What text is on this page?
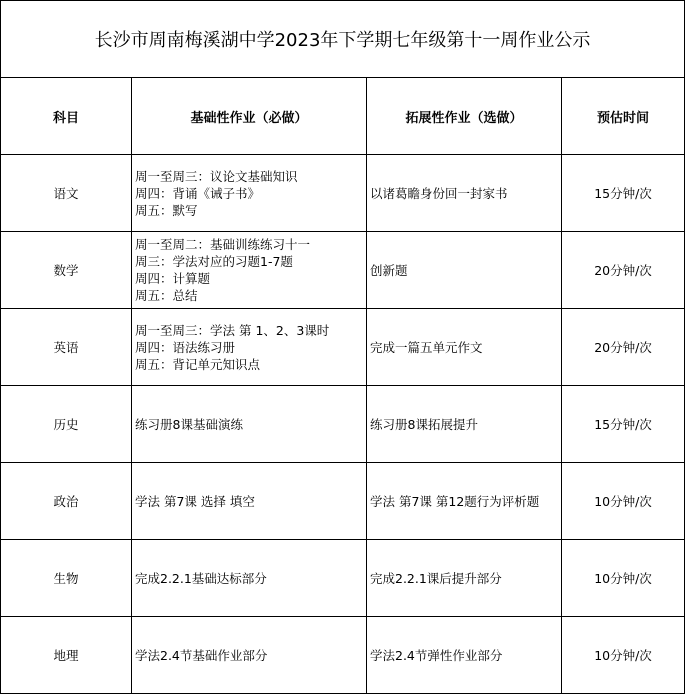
长沙市周南梅溪湖中学2023年下学期七年级第十一周作业公示			
科目	基础性作业（必做）	拓展性作业（选做）	预估时间
语文	周一至周三：议论文基础知识
周四：背诵《诫子书》
周五：默写	以诸葛瞻身份回一封家书	15分钟/次
数学	周一至周二：基础训练练习十一
周三：学法对应的习题1-7题
周四：计算题
周五：总结	创新题	20分钟/次
英语	周一至周三：学法 第 1、2、3课时
周四：语法练习册
周五：背记单元知识点	完成一篇五单元作文	20分钟/次
历史	练习册8课基础演练	练习册8课拓展提升	15分钟/次
政治	学法 第7课 选择 填空	学法 第7课 第12题行为评析题	10分钟/次
生物	完成2.2.1基础达标部分	完成2.2.1课后提升部分	10分钟/次
地理	学法2.4节基础作业部分	学法2.4节弹性作业部分	10分钟/次
